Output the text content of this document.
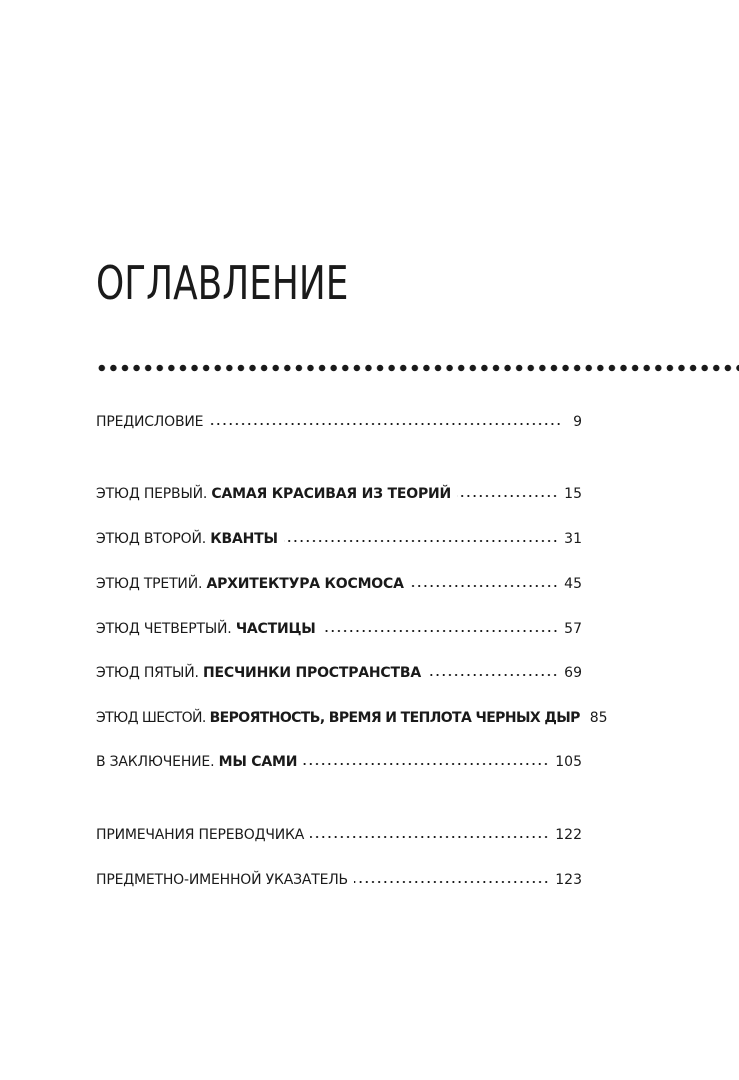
ОГЛАВЛЕНИЕ
ПРЕДИСЛОВИЕ	9
ЭТЮД ПЕРВЫЙ. САМАЯ КРАСИВАЯ ИЗ ТЕОРИЙ	15
ЭТЮД ВТОРОЙ. КВАНТЫ	31
ЭТЮД ТРЕТИЙ. АРХИТЕКТУРА КОСМОСА	45
ЭТЮД ЧЕТВЕРТЫЙ. ЧАСТИЦЫ	57
ЭТЮД ПЯТЫЙ. ПЕСЧИНКИ ПРОСТРАНСТВА	69
ЭТЮД ШЕСТОЙ. ВЕРОЯТНОСТЬ, ВРЕМЯ И ТЕПЛОТА ЧЕРНЫХ ДЫР 85
В ЗАКЛЮЧЕНИЕ. МЫ САМИ	105
ПРИМЕЧАНИЯ ПЕРЕВОДЧИКА	122
ПРЕДМЕТНО-ИМЕННОЙ УКАЗАТЕЛЬ	123
